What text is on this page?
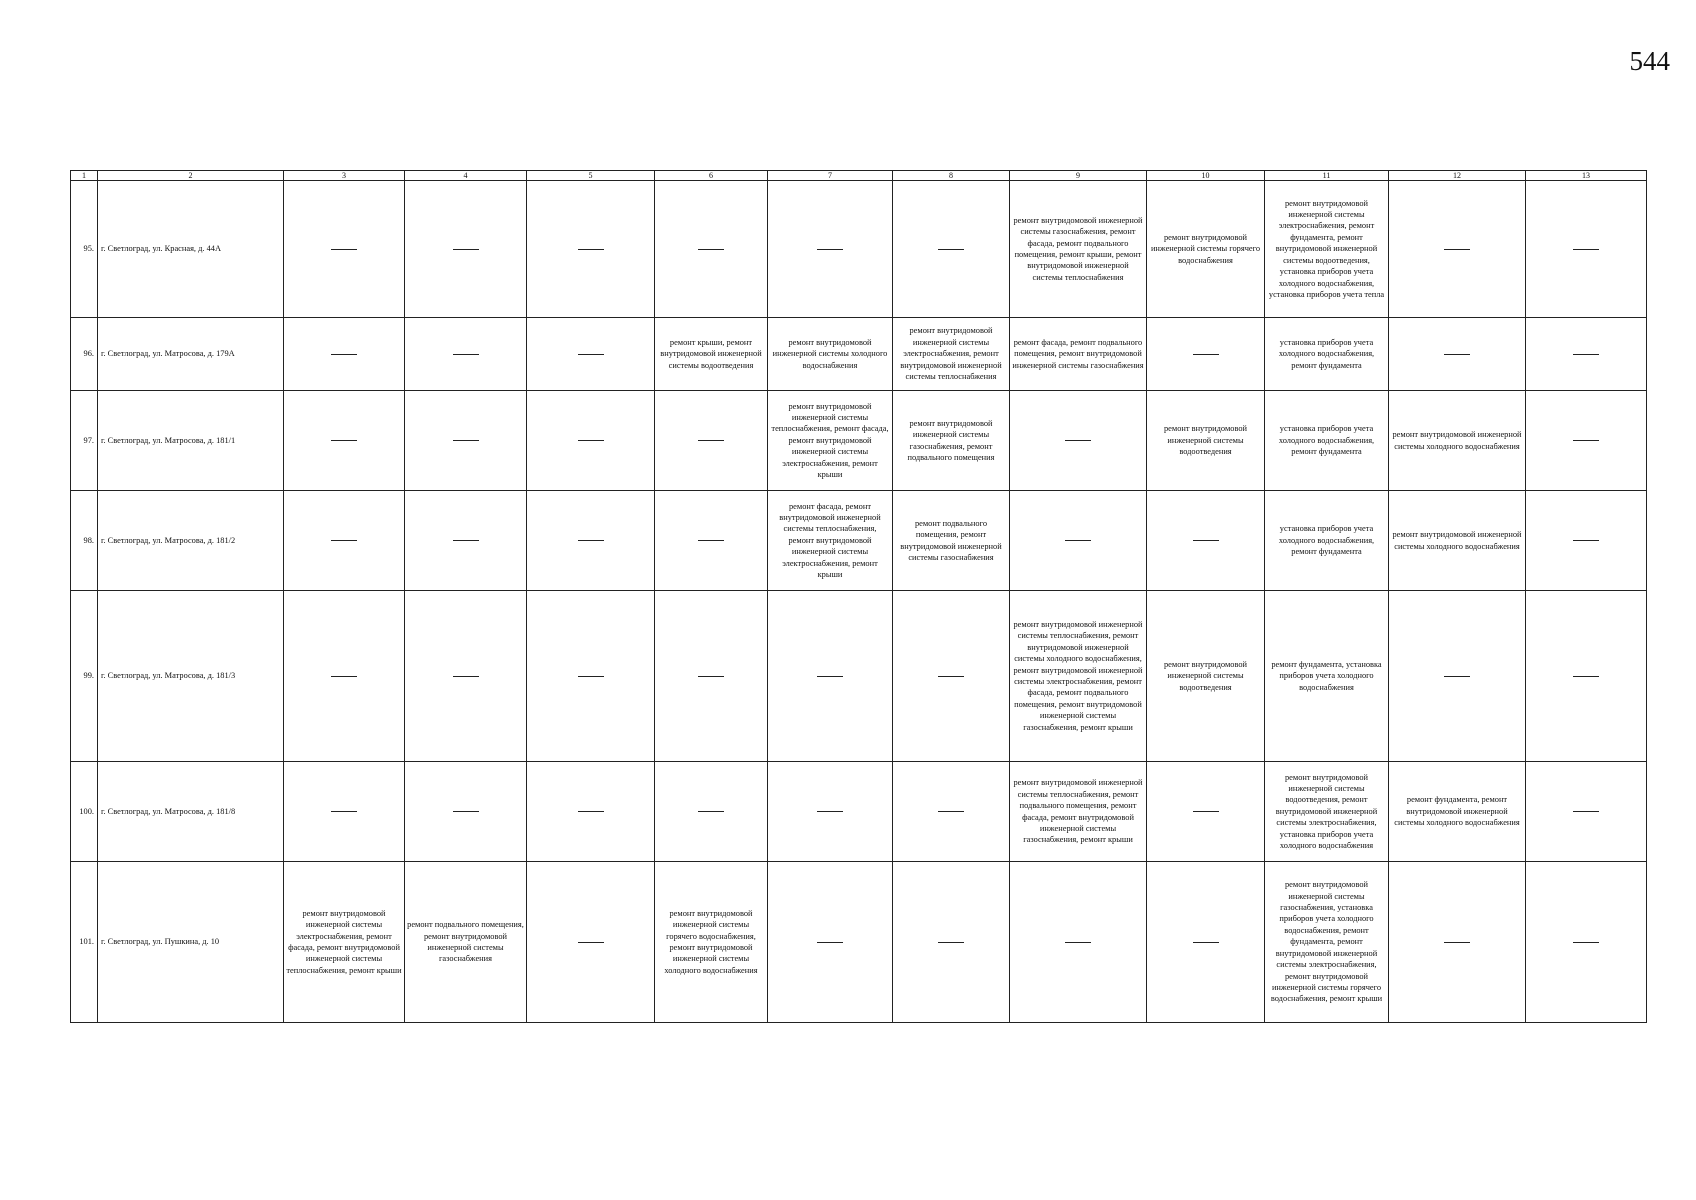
544
1	2	3	4	5	6	7	8	9	10	11	12	13
95.	г. Светлоград, ул. Красная, д. 44А							ремонт внутридомовой инженерной системы газоснабжения, ремонт фасада, ремонт подвального помещения, ремонт крыши, ремонт внутридомовой инженерной системы теплоснабжения	ремонт внутридомовой инженерной системы горячего водоснабжения	ремонт внутридомовой инженерной системы электроснабжения, ремонт фундамента, ремонт внутридомовой инженерной системы водоотведения, установка приборов учета холодного водоснабжения, установка приборов учета тепла		
96.	г. Светлоград, ул. Матросова, д. 179А				ремонт крыши, ремонт внутридомовой инженерной системы водоотведения	ремонт внутридомовой инженерной системы холодного водоснабжения	ремонт внутридомовой инженерной системы электроснабжения, ремонт внутридомовой инженерной системы теплоснабжения	ремонт фасада, ремонт подвального помещения, ремонт внутридомовой инженерной системы газоснабжения		установка приборов учета холодного водоснабжения, ремонт фундамента		
97.	г. Светлоград, ул. Матросова, д. 181/1					ремонт внутридомовой инженерной системы теплоснабжения, ремонт фасада, ремонт внутридомовой инженерной системы электроснабжения, ремонт крыши	ремонт внутридомовой инженерной системы газоснабжения, ремонт подвального помещения		ремонт внутридомовой инженерной системы водоотведения	установка приборов учета холодного водоснабжения, ремонт фундамента	ремонт внутридомовой инженерной системы холодного водоснабжения	
98.	г. Светлоград, ул. Матросова, д. 181/2					ремонт фасада, ремонт внутридомовой инженерной системы теплоснабжения, ремонт внутридомовой инженерной системы электроснабжения, ремонт крыши	ремонт подвального помещения, ремонт внутридомовой инженерной системы газоснабжения			установка приборов учета холодного водоснабжения, ремонт фундамента	ремонт внутридомовой инженерной системы холодного водоснабжения	
99.	г. Светлоград, ул. Матросова, д. 181/3							ремонт внутридомовой инженерной системы теплоснабжения, ремонт внутридомовой инженерной системы холодного водоснабжения, ремонт внутридомовой инженерной системы электроснабжения, ремонт фасада, ремонт подвального помещения, ремонт внутридомовой инженерной системы газоснабжения, ремонт крыши	ремонт внутридомовой инженерной системы водоотведения	ремонт фундамента, установка приборов учета холодного водоснабжения		
100.	г. Светлоград, ул. Матросова, д. 181/8							ремонт внутридомовой инженерной системы теплоснабжения, ремонт подвального помещения, ремонт фасада, ремонт внутридомовой инженерной системы газоснабжения, ремонт крыши		ремонт внутридомовой инженерной системы водоотведения, ремонт внутридомовой инженерной системы электроснабжения, установка приборов учета холодного водоснабжения	ремонт фундамента, ремонт внутридомовой инженерной системы холодного водоснабжения	
101.	г. Светлоград, ул. Пушкина, д. 10	ремонт внутридомовой инженерной системы электроснабжения, ремонт фасада, ремонт внутридомовой инженерной системы теплоснабжения, ремонт крыши	ремонт подвального помещения, ремонт внутридомовой инженерной системы газоснабжения		ремонт внутридомовой инженерной системы горячего водоснабжения, ремонт внутридомовой инженерной системы холодного водоснабжения					ремонт внутридомовой инженерной системы газоснабжения, установка приборов учета холодного водоснабжения, ремонт фундамента, ремонт внутридомовой инженерной системы электроснабжения, ремонт внутридомовой инженерной системы горячего водоснабжения, ремонт крыши		
